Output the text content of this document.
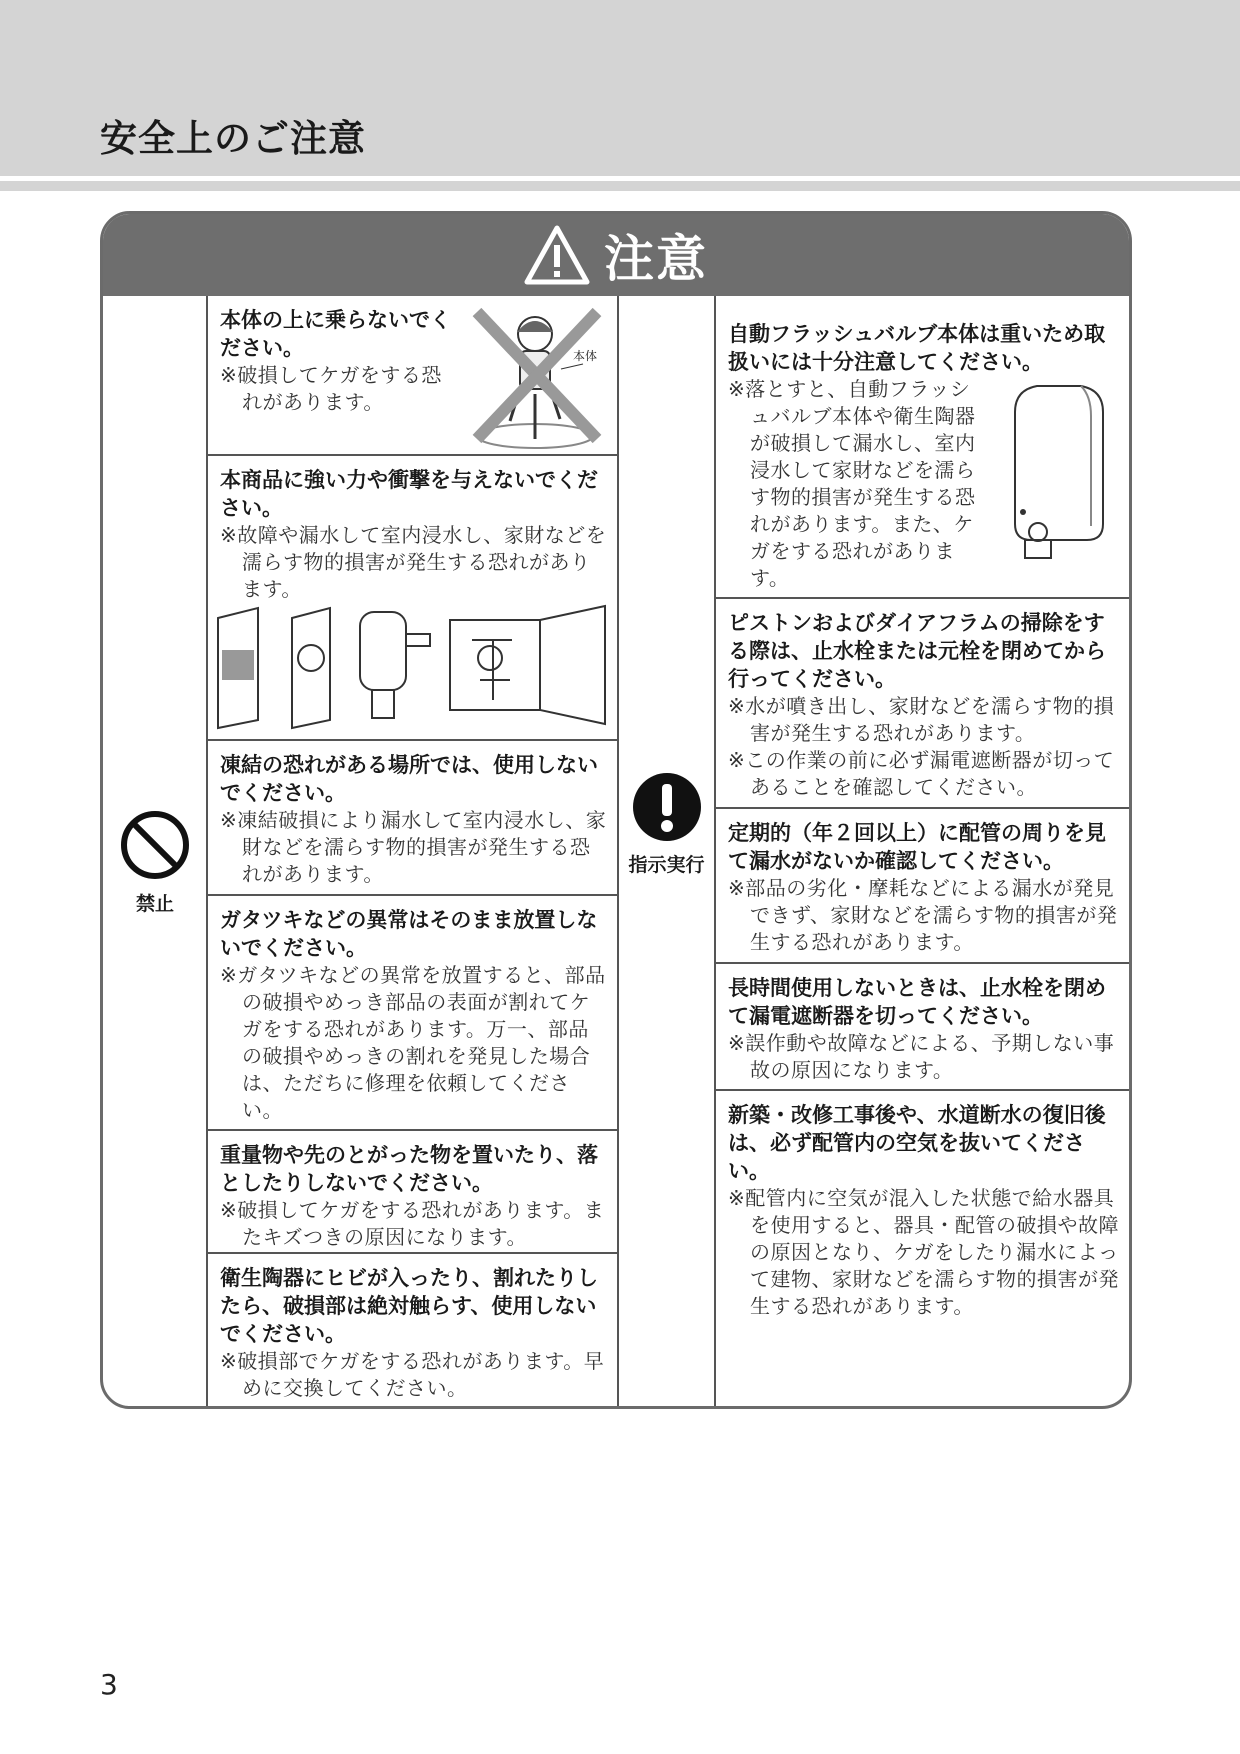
安全上のご注意
注意
禁止
指示実行
本体の上に乗らないでください。
※破損してケガをする恐れがあります。
本体
本商品に強い力や衝撃を与えないでください。
※故障や漏水して室内浸水し、家財などを濡らす物的損害が発生する恐れがあります。
凍結の恐れがある場所では、使用しないでください。
※凍結破損により漏水して室内浸水し、家財などを濡らす物的損害が発生する恐れがあります。
ガタツキなどの異常はそのまま放置しないでください。
※ガタツキなどの異常を放置すると、部品の破損やめっき部品の表面が割れてケガをする恐れがあります。万一、部品の破損やめっきの割れを発見した場合は、ただちに修理を依頼してください。
重量物や先のとがった物を置いたり、落としたりしないでください。
※破損してケガをする恐れがあります。またキズつきの原因になります。
衛生陶器にヒビが入ったり、割れたりしたら、破損部は絶対触らす、使用しないでください。
※破損部でケガをする恐れがあります。早めに交換してください。
自動フラッシュバルブ本体は重いため取扱いには十分注意してください。
※落とすと、自動フラッシュバルブ本体や衛生陶器が破損して漏水し、室内浸水して家財などを濡らす物的損害が発生する恐れがあります。また、ケガをする恐れがあります。
ピストンおよびダイアフラムの掃除をする際は、止水栓または元栓を閉めてから行ってください。
※水が噴き出し、家財などを濡らす物的損害が発生する恐れがあります。
※この作業の前に必ず漏電遮断器が切ってあることを確認してください。
定期的（年２回以上）に配管の周りを見て漏水がないか確認してください。
※部品の劣化・摩耗などによる漏水が発見できず、家財などを濡らす物的損害が発生する恐れがあります。
長時間使用しないときは、止水栓を閉めて漏電遮断器を切ってください。
※誤作動や故障などによる、予期しない事故の原因になります。
新築・改修工事後や、水道断水の復旧後は、必ず配管内の空気を抜いてください。
※配管内に空気が混入した状態で給水器具を使用すると、器具・配管の破損や故障の原因となり、ケガをしたり漏水によって建物、家財などを濡らす物的損害が発生する恐れがあります。
3
